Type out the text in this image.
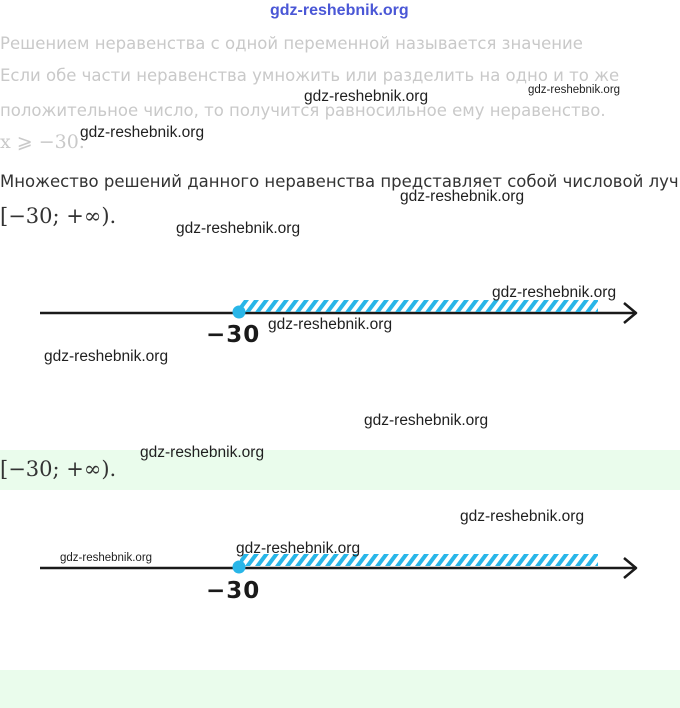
gdz-reshebnik.org
Решением неравенства с одной переменной называется значение
Если обе части неравенства умножить или разделить на одно и то же
положительное число, то получится равносильное ему неравенство.
x ⩾ −30.
Множество решений данного неравенства представляет собой числовой луч
[−30; +∞).
−30
[−30; +∞).
−30
gdz-reshebnik.org	gdz-reshebnik.org
gdz-reshebnik.org
gdz-reshebnik.org
gdz-reshebnik.org
gdz-reshebnik.org
gdz-reshebnik.org
gdz-reshebnik.org
gdz-reshebnik.org
gdz-reshebnik.org
gdz-reshebnik.org
gdz-reshebnik.org
gdz-reshebnik.org
